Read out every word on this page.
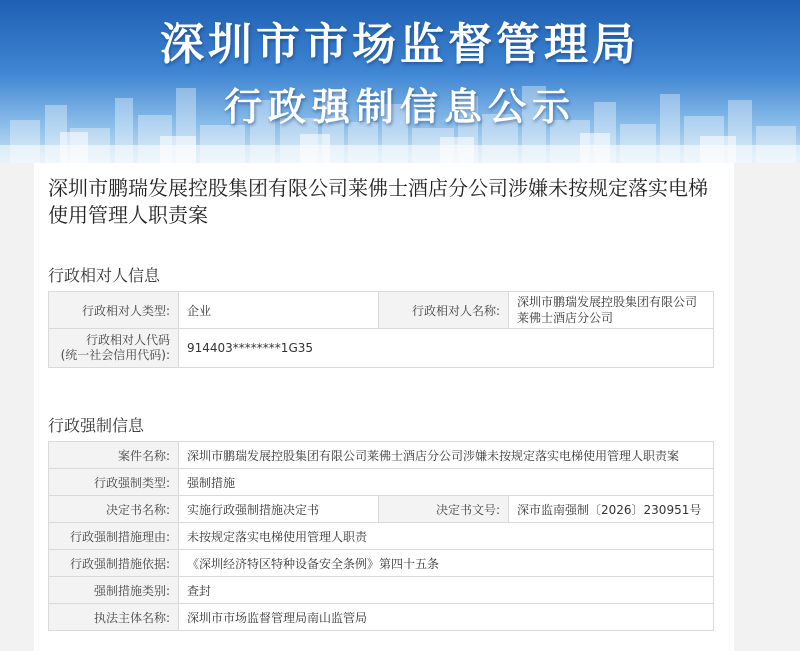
深圳市市场监督管理局
行政强制信息公示
深圳市鹏瑞发展控股集团有限公司莱佛士酒店分公司涉嫌未按规定落实电梯使用管理人职责案
行政相对人信息
行政相对人类型:	企业	行政相对人名称:	深圳市鹏瑞发展控股集团有限公司
莱佛士酒店分公司

行政相对人代码
(统一社会信用代码):	914403********1G35		
行政强制信息
案件名称:	深圳市鹏瑞发展控股集团有限公司莱佛士酒店分公司涉嫌未按规定落实电梯使用管理人职责案		
行政强制类型:	强制措施		
决定书名称:	实施行政强制措施决定书	决定书文号:	深市监南强制〔2026〕230951号
行政强制措施理由:	未按规定落实电梯使用管理人职责		
行政强制措施依据:	《深圳经济特区特种设备安全条例》第四十五条		
强制措施类别:	查封		
执法主体名称:	深圳市市场监督管理局南山监管局		
